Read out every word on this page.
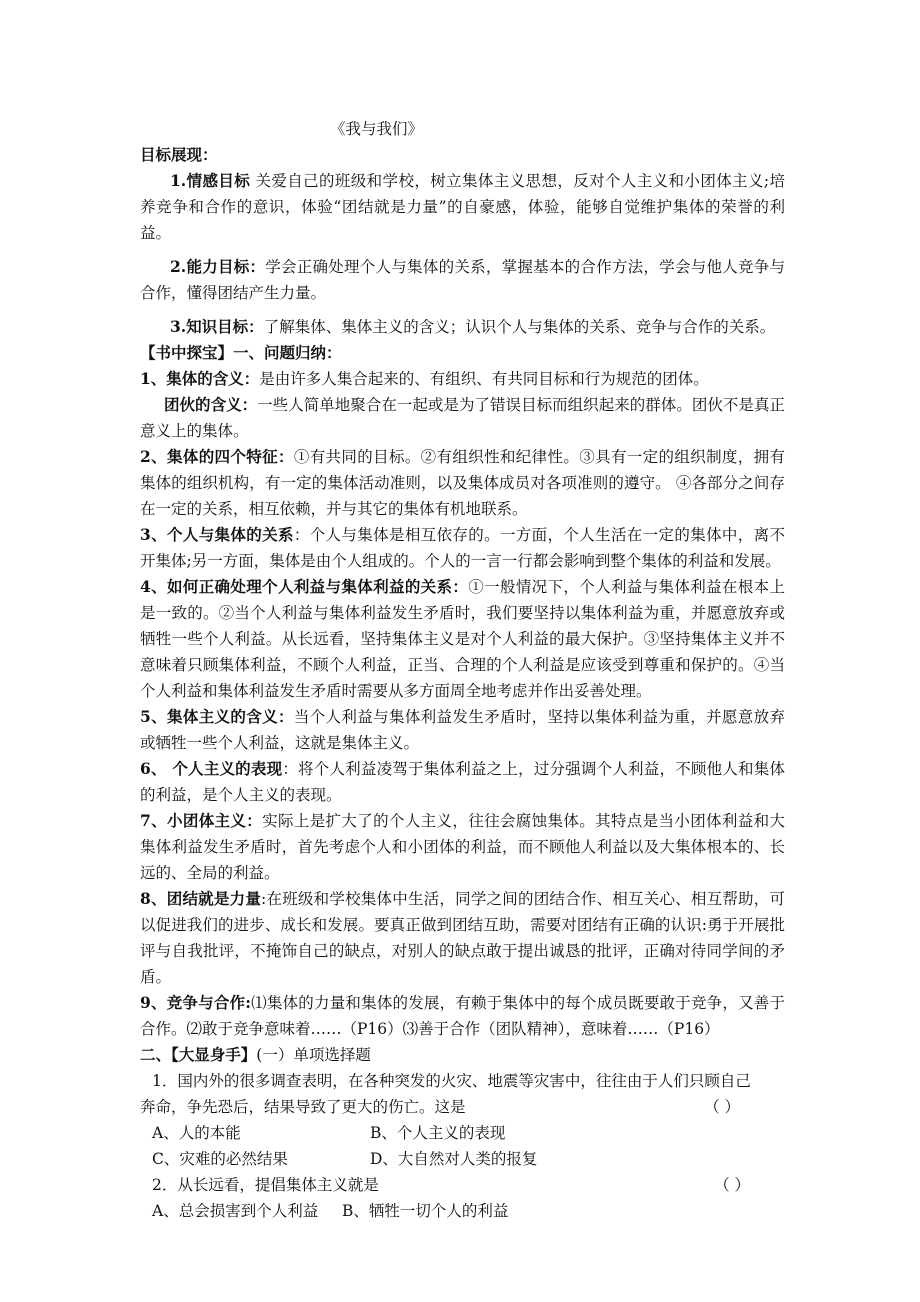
《我与我们》

目标展现：

1.情感目标 关爱自己的班级和学校，树立集体主义思想，反对个人主义和小团体主义;培养竞争和合作的意识，体验“团结就是力量”的自豪感，体验，能够自觉维护集体的荣誉的利益。

2.能力目标：学会正确处理个人与集体的关系，掌握基本的合作方法，学会与他人竞争与合作，懂得团结产生力量。

3.知识目标：了解集体、集体主义的含义；认识个人与集体的关系、竞争与合作的关系。

【书中探宝】一、问题归纳：

1、集体的含义：是由许多人集合起来的、有组织、有共同目标和行为规范的团体。

团伙的含义：一些人简单地聚合在一起或是为了错误目标而组织起来的群体。团伙不是真正意义上的集体。

2、集体的四个特征：①有共同的目标。②有组织性和纪律性。③具有一定的组织制度，拥有集体的组织机构，有一定的集体活动准则，以及集体成员对各项准则的遵守。 ④各部分之间存在一定的关系，相互依赖，并与其它的集体有机地联系。

3、个人与集体的关系：个人与集体是相互依存的。一方面，个人生活在一定的集体中，离不开集体;另一方面，集体是由个人组成的。个人的一言一行都会影响到整个集体的利益和发展。

4、如何正确处理个人利益与集体利益的关系：①一般情况下，个人利益与集体利益在根本上是一致的。②当个人利益与集体利益发生矛盾时，我们要坚持以集体利益为重，并愿意放弃或牺牲一些个人利益。从长远看，坚持集体主义是对个人利益的最大保护。③坚持集体主义并不意味着只顾集体利益，不顾个人利益，正当、合理的个人利益是应该受到尊重和保护的。④当个人利益和集体利益发生矛盾时需要从多方面周全地考虑并作出妥善处理。

5、集体主义的含义：当个人利益与集体利益发生矛盾时，坚持以集体利益为重，并愿意放弃或牺牲一些个人利益，这就是集体主义。

6、 个人主义的表现：将个人利益凌驾于集体利益之上，过分强调个人利益，不顾他人和集体的利益，是个人主义的表现。

7、小团体主义：实际上是扩大了的个人主义，往往会腐蚀集体。其特点是当小团体利益和大集体利益发生矛盾时，首先考虑个人和小团体的利益，而不顾他人利益以及大集体根本的、长远的、全局的利益。

8、团结就是力量:在班级和学校集体中生活，同学之间的团结合作、相互关心、相互帮助，可以促进我们的进步、成长和发展。要真正做到团结互助，需要对团结有正确的认识:勇于开展批评与自我批评，不掩饰自己的缺点，对别人的缺点敢于提出诚恳的批评，正确对待同学间的矛盾。

9、竞争与合作:⑴集体的力量和集体的发展，有赖于集体中的每个成员既要敢于竞争，又善于合作。⑵敢于竞争意味着……（P16）⑶善于合作（团队精神），意味着……（P16）

二、【大显身手】(一）单项选择题

1．国内外的很多调查表明，在各种突发的火灾、地震等灾害中，往往由于人们只顾自己
奔命，争先恐后，结果导致了更大的伤亡。这是	（ ）
A、人的本能	B、个人主义的表现
C、灾难的必然结果	D、大自然对人类的报复
2．从长远看，提倡集体主义就是	（ ）
A、总会损害到个人利益	B、牺牲一切个人的利益
